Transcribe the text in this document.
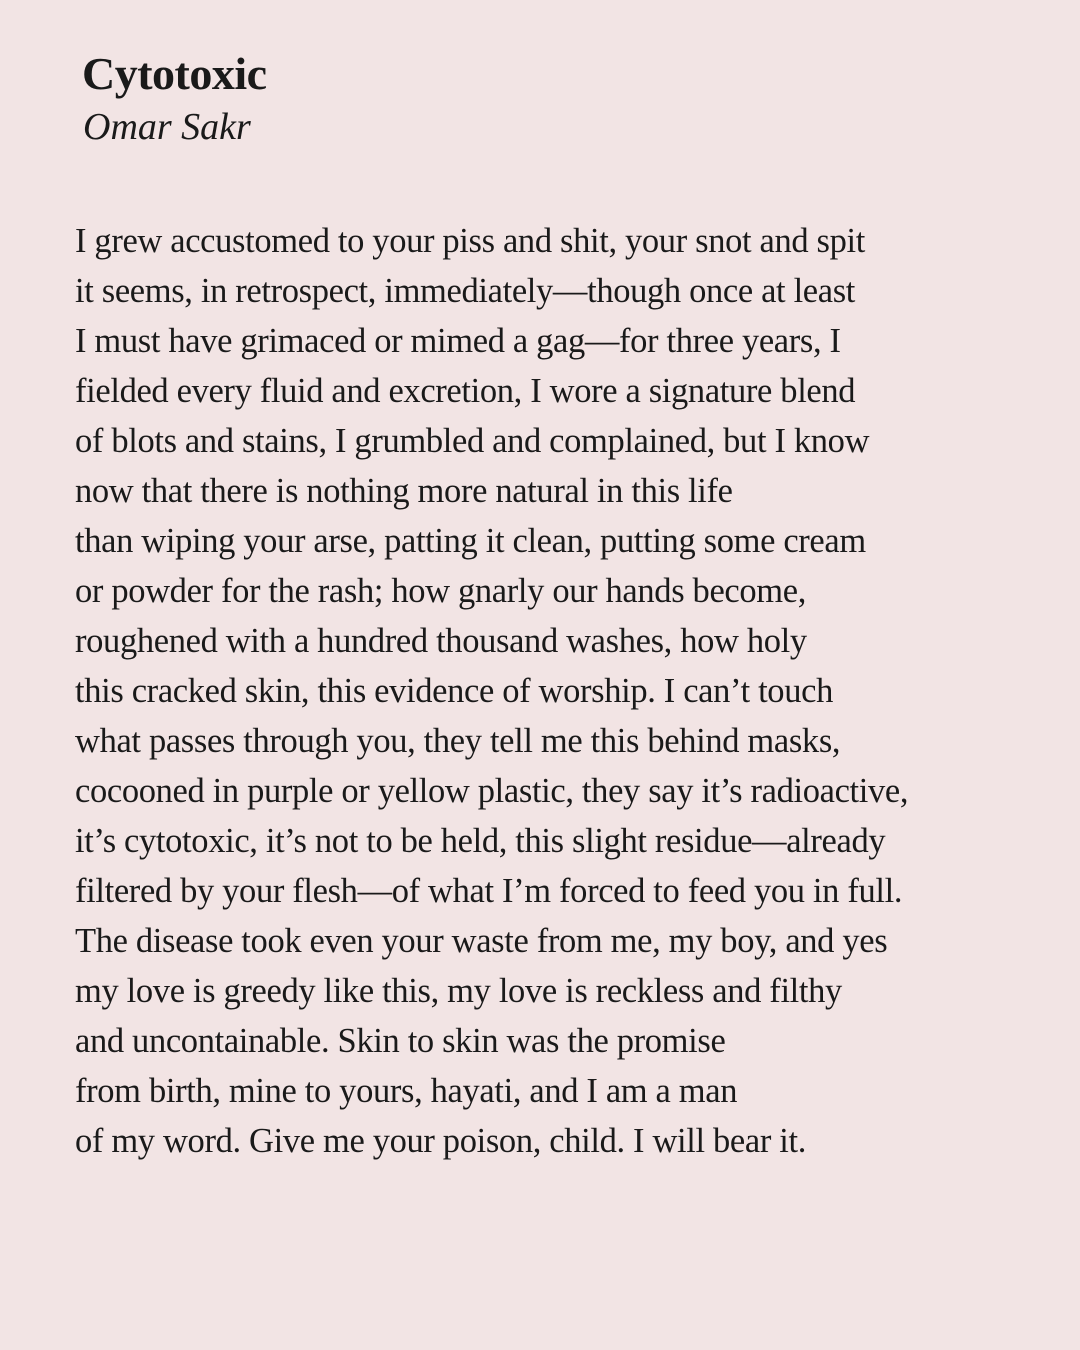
Cytotoxic
Omar Sakr
I grew accustomed to your piss and shit, your snot and spit
it seems, in retrospect, immediately—though once at least
I must have grimaced or mimed a gag—for three years, I
fielded every fluid and excretion, I wore a signature blend
of blots and stains, I grumbled and complained, but I know
now that there is nothing more natural in this life
than wiping your arse, patting it clean, putting some cream
or powder for the rash; how gnarly our hands become,
roughened with a hundred thousand washes, how holy
this cracked skin, this evidence of worship. I can’t touch
what passes through you, they tell me this behind masks,
cocooned in purple or yellow plastic, they say it’s radioactive,
it’s cytotoxic, it’s not to be held, this slight residue—already
filtered by your flesh—of what I’m forced to feed you in full.
The disease took even your waste from me, my boy, and yes
my love is greedy like this, my love is reckless and filthy
and uncontainable. Skin to skin was the promise
from birth, mine to yours, hayati, and I am a man
of my word. Give me your poison, child. I will bear it.
